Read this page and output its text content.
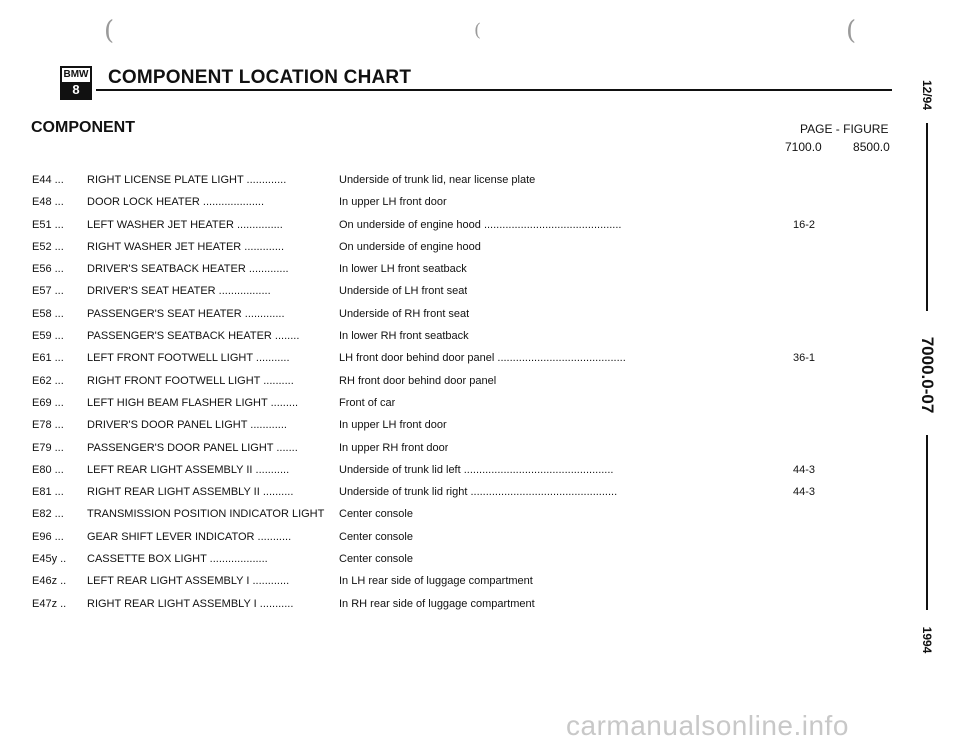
(	(	(
BMW
8
COMPONENT LOCATION CHART
COMPONENT	PAGE - FIGURE
7100.0	8500.0
E44 ...	RIGHT LICENSE PLATE LIGHT .............	Underside of trunk lid, near license plate
E48 ...	DOOR LOCK HEATER ....................	In upper LH front door
E51 ...	LEFT WASHER JET HEATER ...............	On underside of engine hood .............................................	16-2
E52 ...	RIGHT WASHER JET HEATER .............	On underside of engine hood
E56 ...	DRIVER'S SEATBACK HEATER .............	In lower LH front seatback
E57 ...	DRIVER'S SEAT HEATER .................	Underside of LH front seat
E58 ...	PASSENGER'S SEAT HEATER .............	Underside of RH front seat
E59 ...	PASSENGER'S SEATBACK HEATER ........	In lower RH front seatback
E61 ...	LEFT FRONT FOOTWELL LIGHT ...........	LH front door behind door panel ..........................................	36-1
E62 ...	RIGHT FRONT FOOTWELL LIGHT ..........	RH front door behind door panel
E69 ...	LEFT HIGH BEAM FLASHER LIGHT .........	Front of car
E78 ...	DRIVER'S DOOR PANEL LIGHT ............	In upper LH front door
E79 ...	PASSENGER'S DOOR PANEL LIGHT .......	In upper RH front door
E80 ...	LEFT REAR LIGHT ASSEMBLY II ...........	Underside of trunk lid left .................................................	44-3
E81 ...	RIGHT REAR LIGHT ASSEMBLY II ..........	Underside of trunk lid right ................................................	44-3
E82 ...	TRANSMISSION POSITION INDICATOR LIGHT	Center console
E96 ...	GEAR SHIFT LEVER INDICATOR ...........	Center console
E45y ..	CASSETTE BOX LIGHT ...................	Center console
E46z ..	LEFT REAR LIGHT ASSEMBLY I ............	In LH rear side of luggage compartment
E47z ..	RIGHT REAR LIGHT ASSEMBLY I ...........	In RH rear side of luggage compartment
12/94
7000.0-07
1994
carmanualsonline.info
